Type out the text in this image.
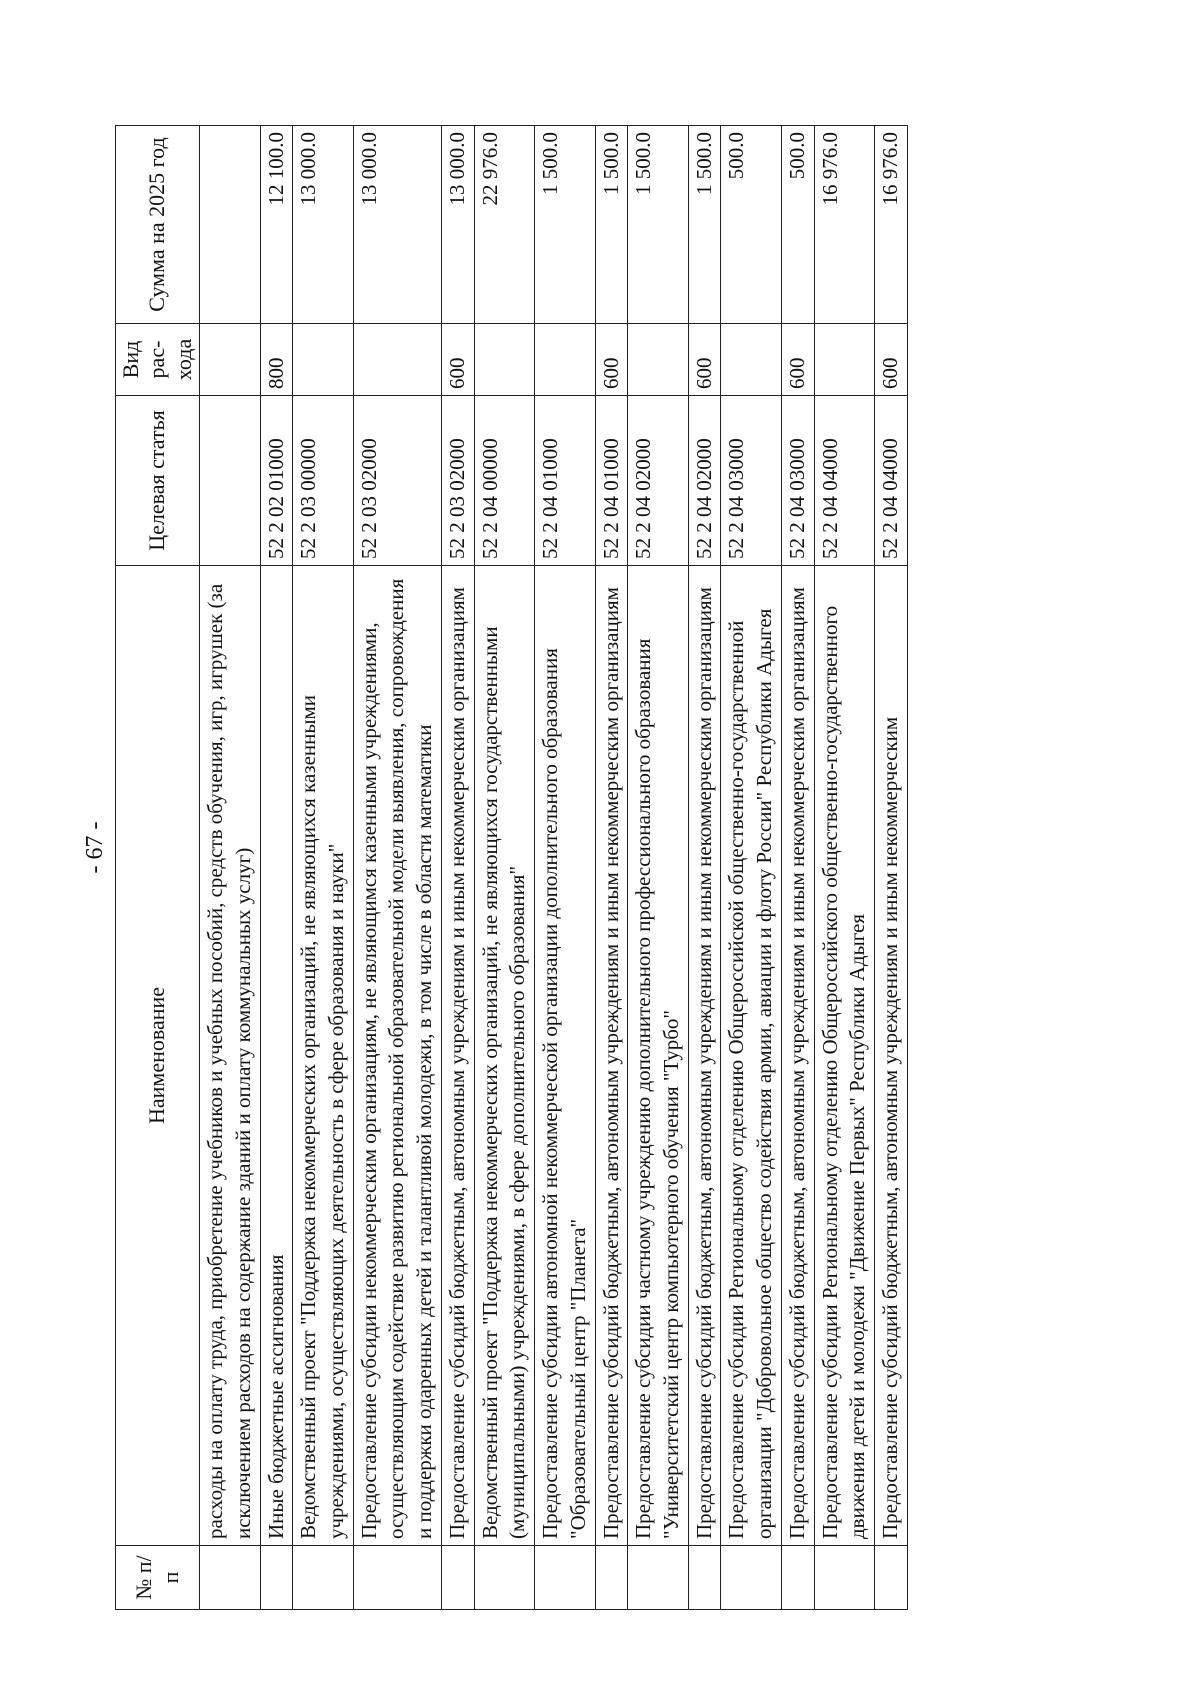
- 67 -
№ п/п	Наименование	Целевая статья	Вид рас- хода	Сумма на 2025 год
	расходы на оплату труда, приобретение учебников и учебных пособий, средств обучения, игр, игрушек (за исключением расходов на содержание зданий и оплату коммунальных услуг)			
	Иные бюджетные ассигнования	52 2 02 01000	800	12 100.0
	Ведомственный проект "Поддержка некоммерческих организаций, не являющихся казенными учреждениями, осуществляющих деятельность в сфере образования и науки"	52 2 03 00000		13 000.0
	Предоставление субсидии некоммерческим организациям, не являющимся казенными учреждениями, осуществляющим содействие развитию региональной образовательной модели выявления, сопровождения и поддержки одаренных детей и талантливой молодежи, в том числе в области математики	52 2 03 02000		13 000.0
	Предоставление субсидий бюджетным, автономным учреждениям и иным некоммерческим организациям	52 2 03 02000	600	13 000.0
	Ведомственный проект "Поддержка некоммерческих организаций, не являющихся государственными (муниципальными) учреждениями, в сфере дополнительного образования"	52 2 04 00000		22 976.0
	Предоставление субсидии автономной некоммерческой организации дополнительного образования "Образовательный центр "Планета"	52 2 04 01000		1 500.0
	Предоставление субсидий бюджетным, автономным учреждениям и иным некоммерческим организациям	52 2 04 01000	600	1 500.0
	Предоставление субсидии частному учреждению дополнительного профессионального образования "Университетский центр компьютерного обучения "Турбо"	52 2 04 02000		1 500.0
	Предоставление субсидий бюджетным, автономным учреждениям и иным некоммерческим организациям	52 2 04 02000	600	1 500.0
	Предоставление субсидии Региональному отделению Общероссийской общественно-государственной организации "Добровольное общество содействия армии, авиации и флоту России" Республики Адыгея	52 2 04 03000		500.0
	Предоставление субсидий бюджетным, автономным учреждениям и иным некоммерческим организациям	52 2 04 03000	600	500.0
	Предоставление субсидии Региональному отделению Общероссийского общественно-государственного движения детей и молодежи "Движение Первых" Республики Адыгея	52 2 04 04000		16 976.0
	Предоставление субсидий бюджетным, автономным учреждениям и иным некоммерческим	52 2 04 04000	600	16 976.0
